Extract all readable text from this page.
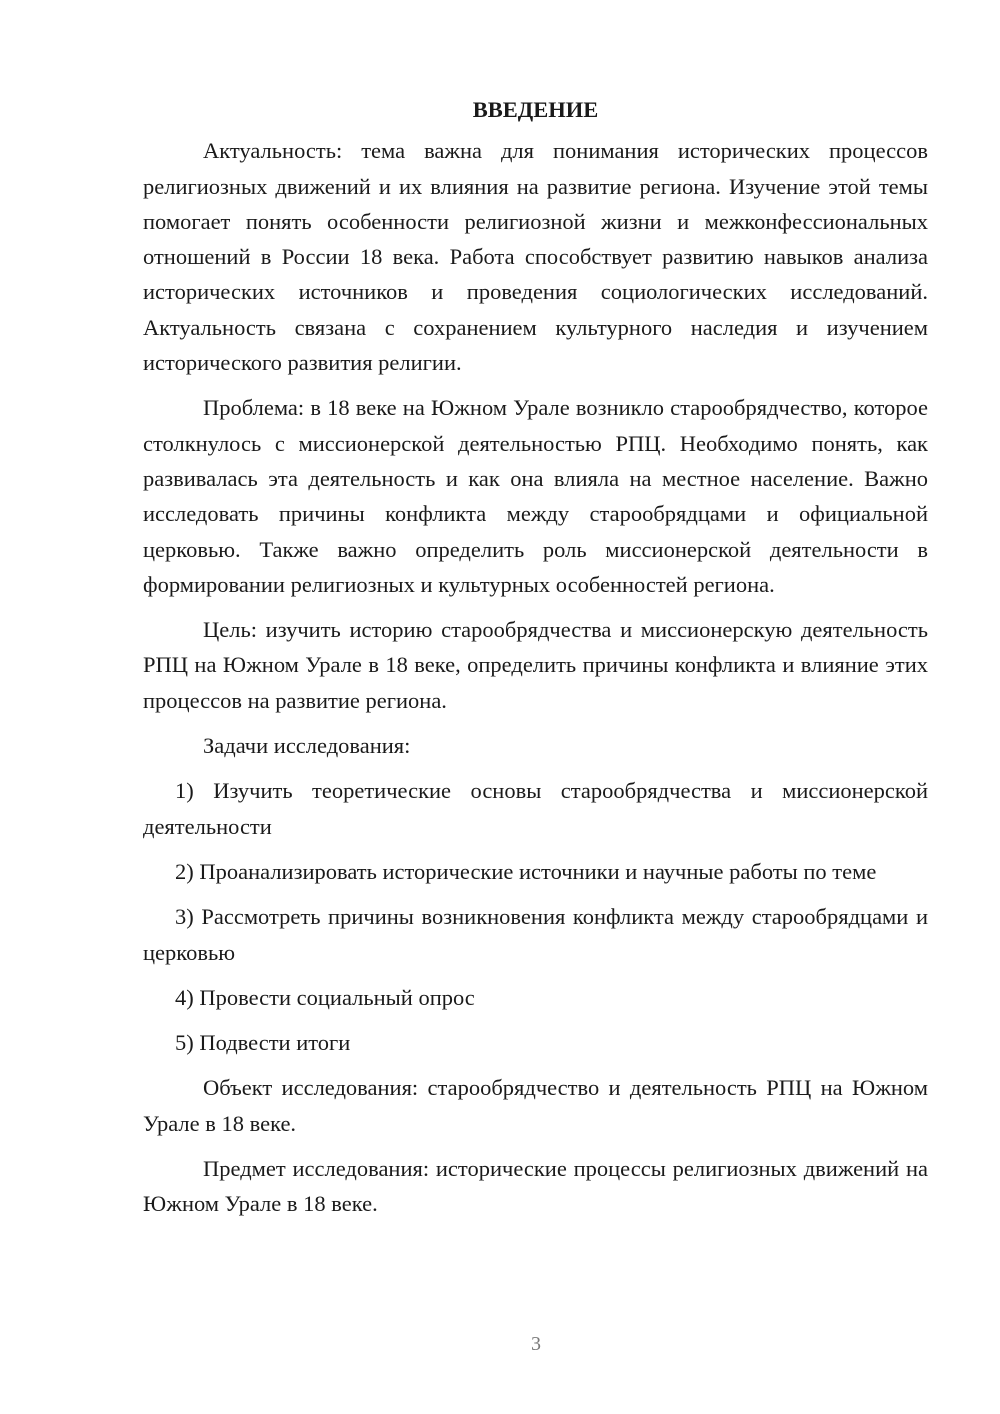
ВВЕДЕНИЕ

Актуальность: тема важна для понимания исторических процессов религиозных движений и их влияния на развитие региона. Изучение этой темы помогает понять особенности религиозной жизни и межконфессиональных отношений в России 18 века. Работа способствует развитию навыков анализа исторических источников и проведения социологических исследований. Актуальность связана с сохранением культурного наследия и изучением исторического развития религии.

Проблема: в 18 веке на Южном Урале возникло старообрядчество, которое столкнулось с миссионерской деятельностью РПЦ. Необходимо понять, как развивалась эта деятельность и как она влияла на местное население. Важно исследовать причины конфликта между старообрядцами и официальной церковью. Также важно определить роль миссионерской деятельности в формировании религиозных и культурных особенностей региона.

Цель: изучить историю старообрядчества и миссионерскую деятельность РПЦ на Южном Урале в 18 веке, определить причины конфликта и влияние этих процессов на развитие региона.

Задачи исследования:

1) Изучить теоретические основы старообрядчества и миссионерской деятельности

2) Проанализировать исторические источники и научные работы по теме

3) Рассмотреть причины возникновения конфликта между старообрядцами и церковью

4) Провести социальный опрос

5) Подвести итоги

Объект исследования: старообрядчество и деятельность РПЦ на Южном Урале в 18 веке.

Предмет исследования: исторические процессы религиозных движений на Южном Урале в 18 веке.

3
